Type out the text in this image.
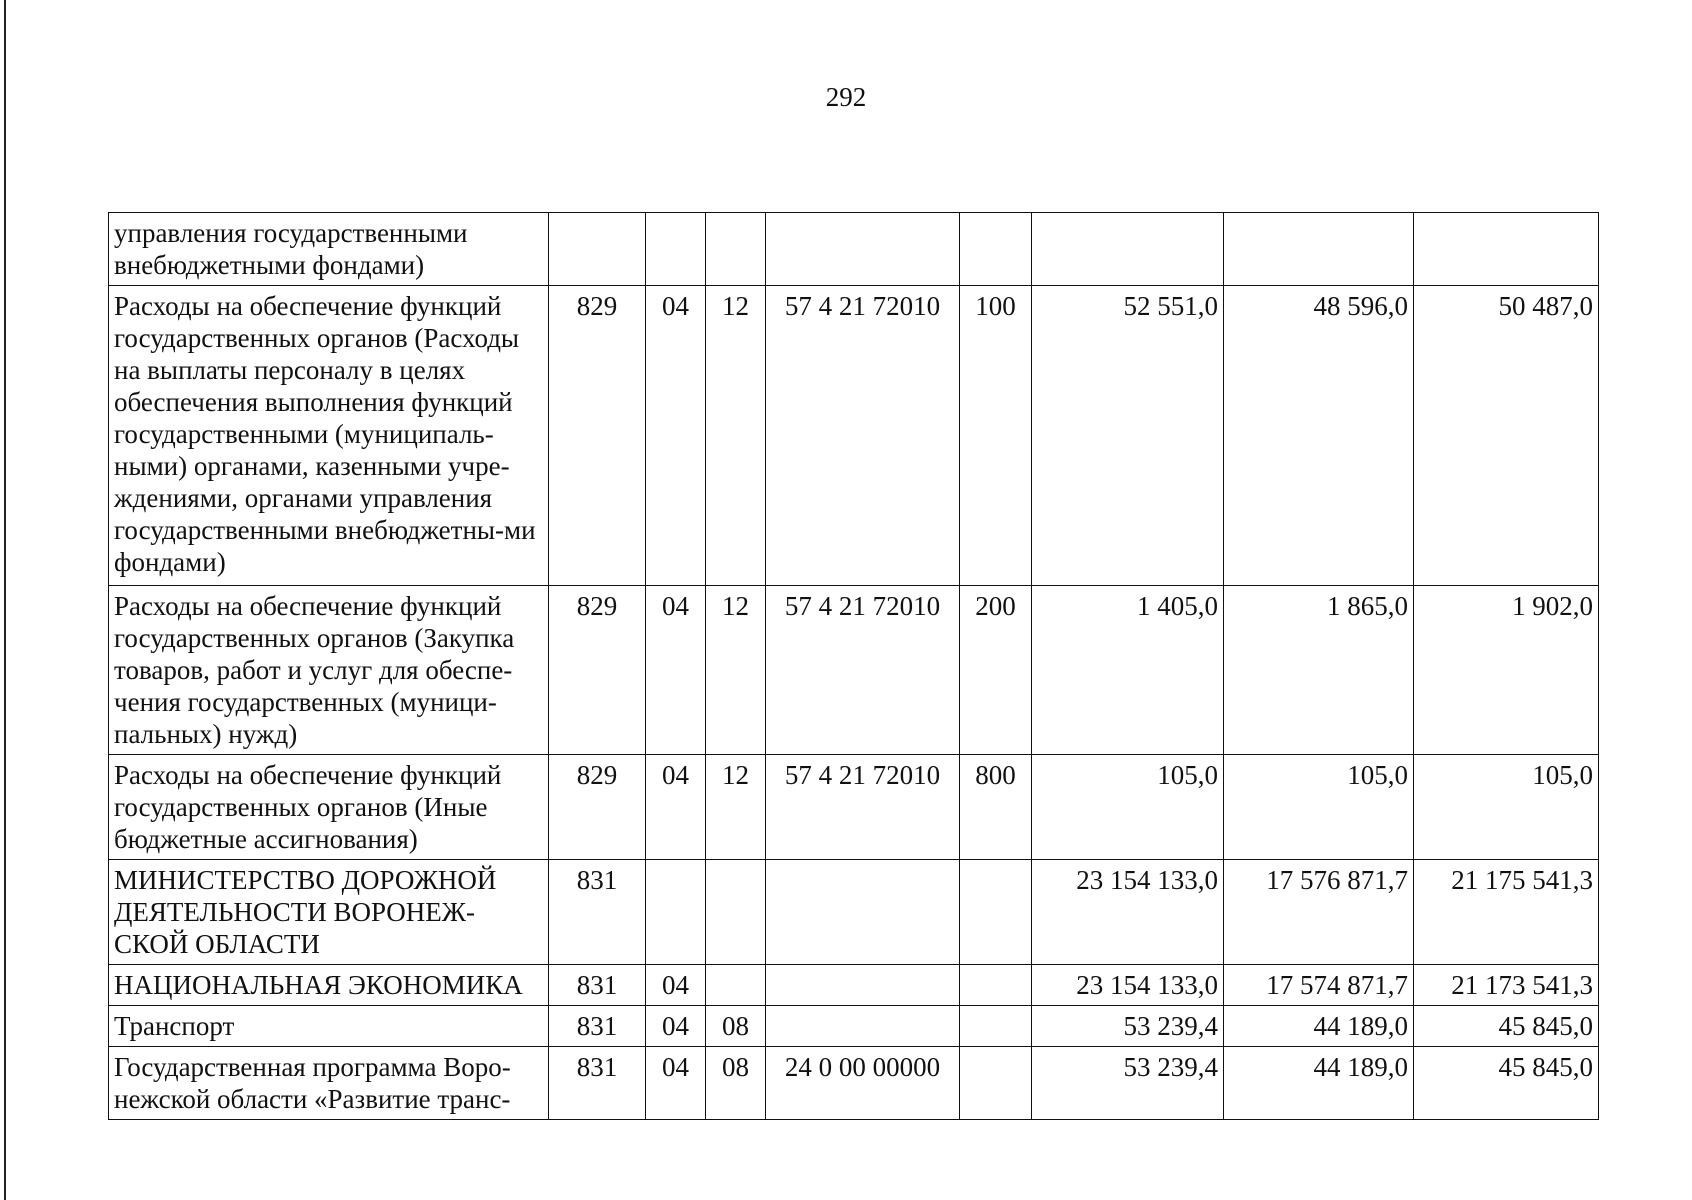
292
управления государственными внебюджетными фондами)								
Расходы на обеспечение функций государственных органов (Расходы на выплаты персоналу в целях обеспечения выполнения функций государственными (муниципаль-ными) органами, казенными учре-ждениями, органами управления государственными внебюджетны-ми фондами)	829	04	12	57 4 21 72010	100	52 551,0	48 596,0	50 487,0
Расходы на обеспечение функций государственных органов (Закупка товаров, работ и услуг для обеспе-чения государственных (муници-пальных) нужд)	829	04	12	57 4 21 72010	200	1 405,0	1 865,0	1 902,0
Расходы на обеспечение функций государственных органов (Иные бюджетные ассигнования)	829	04	12	57 4 21 72010	800	105,0	105,0	105,0
МИНИСТЕРСТВО ДОРОЖНОЙ ДЕЯТЕЛЬНОСТИ ВОРОНЕЖ-СКОЙ ОБЛАСТИ	831					23 154 133,0	17 576 871,7	21 175 541,3
НАЦИОНАЛЬНАЯ ЭКОНОМИКА	831	04				23 154 133,0	17 574 871,7	21 173 541,3
Транспорт	831	04	08			53 239,4	44 189,0	45 845,0
Государственная программа Воро-нежской области «Развитие транс-	831	04	08	24 0 00 00000		53 239,4	44 189,0	45 845,0
